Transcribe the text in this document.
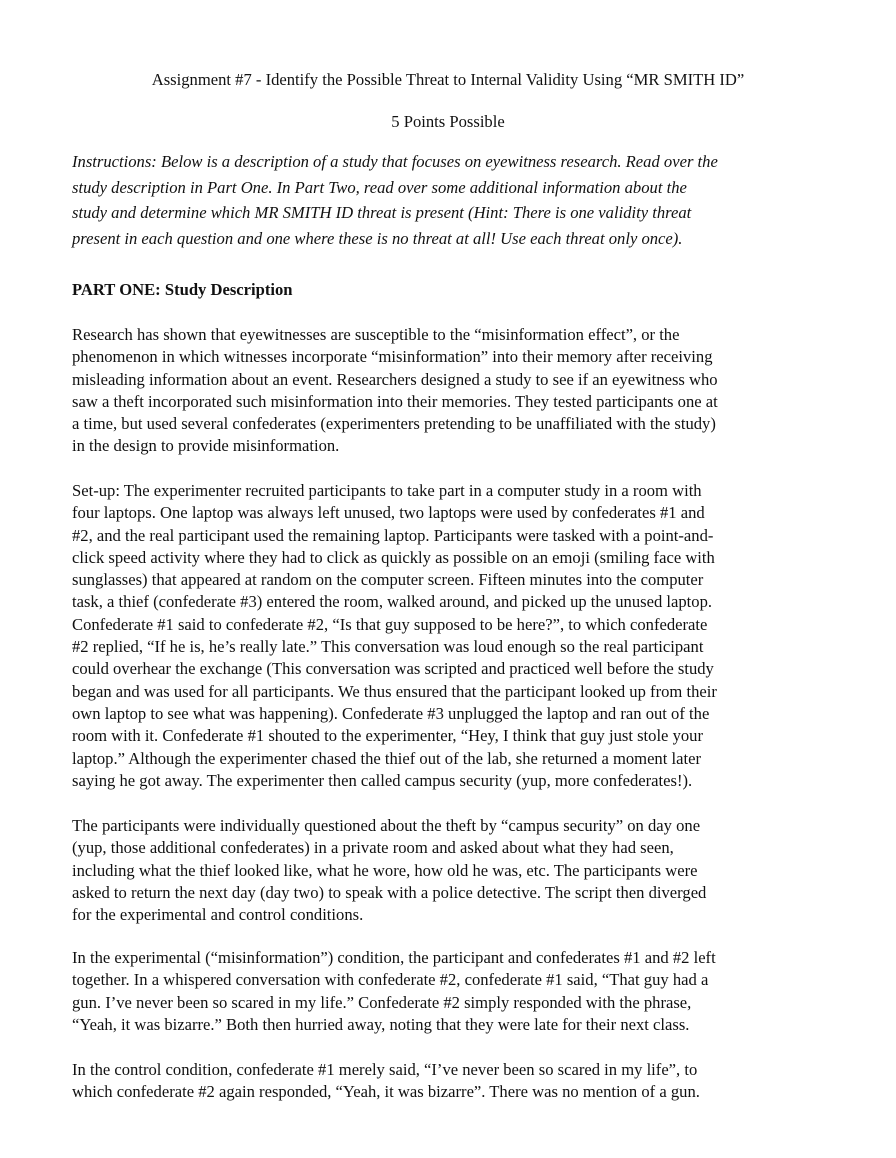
Assignment #7 - Identify the Possible Threat to Internal Validity Using “MR SMITH ID”
5 Points Possible
Instructions: Below is a description of a study that focuses on eyewitness research. Read over the
study description in Part One. In Part Two, read over some additional information about the
study and determine which MR SMITH ID threat is present (Hint: There is one validity threat
present in each question and one where these is no threat at all! Use each threat only once).
PART ONE: Study Description
Research has shown that eyewitnesses are susceptible to the “misinformation effect”, or the
phenomenon in which witnesses incorporate “misinformation” into their memory after receiving
misleading information about an event. Researchers designed a study to see if an eyewitness who
saw a theft incorporated such misinformation into their memories. They tested participants one at
a time, but used several confederates (experimenters pretending to be unaffiliated with the study)
in the design to provide misinformation.
Set-up: The experimenter recruited participants to take part in a computer study in a room with
four laptops. One laptop was always left unused, two laptops were used by confederates #1 and
#2, and the real participant used the remaining laptop. Participants were tasked with a point-and-
click speed activity where they had to click as quickly as possible on an emoji (smiling face with
sunglasses) that appeared at random on the computer screen. Fifteen minutes into the computer
task, a thief (confederate #3) entered the room, walked around, and picked up the unused laptop.
Confederate #1 said to confederate #2, “Is that guy supposed to be here?”, to which confederate
#2 replied, “If he is, he’s really late.” This conversation was loud enough so the real participant
could overhear the exchange (This conversation was scripted and practiced well before the study
began and was used for all participants. We thus ensured that the participant looked up from their
own laptop to see what was happening). Confederate #3 unplugged the laptop and ran out of the
room with it. Confederate #1 shouted to the experimenter, “Hey, I think that guy just stole your
laptop.” Although the experimenter chased the thief out of the lab, she returned a moment later
saying he got away. The experimenter then called campus security (yup, more confederates!).
The participants were individually questioned about the theft by “campus security” on day one
(yup, those additional confederates) in a private room and asked about what they had seen,
including what the thief looked like, what he wore, how old he was, etc. The participants were
asked to return the next day (day two) to speak with a police detective. The script then diverged
for the experimental and control conditions.
In the experimental (“misinformation”) condition, the participant and confederates #1 and #2 left
together. In a whispered conversation with confederate #2, confederate #1 said, “That guy had a
gun. I’ve never been so scared in my life.” Confederate #2 simply responded with the phrase,
“Yeah, it was bizarre.” Both then hurried away, noting that they were late for their next class.
In the control condition, confederate #1 merely said, “I’ve never been so scared in my life”, to
which confederate #2 again responded, “Yeah, it was bizarre”. There was no mention of a gun.
